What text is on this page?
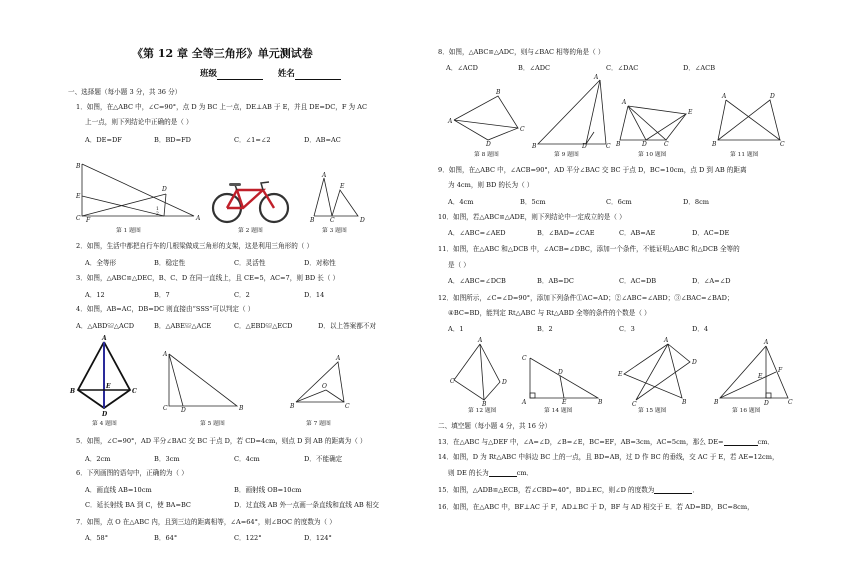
《第 12 章 全等三角形》单元测试卷
班级	姓名
一、选择题（每小题 3 分，共 36 分）
1．如图，在△ABC 中，∠C=90°，点 D 为 BC 上一点，DE⊥AB 于 E，并且 DE=DC，F 为 AC
上一点，则下列结论中正确的是（ ）
A．DE=DF	B．BD=FD	C．∠1=∠2	D．AB=AC
B
E
C F
D
A
1
2
A
E
B	C	D
第 1 题图	第 2 题图	第 3 题图
2．如图，生活中都把自行车的几根梁做成三角形的支架，这是利用三角形的（ ）
A．全等形	B．稳定性	C．灵活性	D．对称性
3．如图，△ABC≌△DEC，B、C、D 在同一直线上，且 CE=5，AC=7，则 BD 长（ ）
A．12	B．7	C．2	D．14
4．如图，AB=AC，DB=DC 则直接由“SSS”可以判定（ ）
A．△ABD≌△ACD	B．△ABE≌△ACE	C．△EBD≌△ECD	D．以上答案都不对
A
B	C
E
D
A
C D	B
A
O
B	C
第 4 题图	第 5 题图	第 7 题图
5．如图，∠C=90°，AD 平分∠BAC 交 BC 于点 D，若 CD=4cm，则点 D 到 AB 的距离为（ ）
A．2cm	B．3cm	C．4cm	D．不能确定
6．下列画图的语句中，正确的为（ ）
A．画直线 AB=10cm	B．画射线 OB=10cm
C．延长射线 BA 到 C，使 BA=BC	D．过直线 AB 外一点画一条直线和直线 AB 相交
7．如图，点 O 在△ABC 内，且到三边的距离相等，∠A=64°，则∠BOC 的度数为（ ）
A．58°	B．64°	C．122°	D．124°
8．如图，△ABC≌△ADC，则与∠BAC 相等的角是（ ）
A．∠ACD	B．∠ADC	C．∠DAC	D．∠ACB
A
B
C
D
A
B	D	C
A
E
B	D	C
A	D
B	C
第 8 题图	第 9 题图	第 10 题图	第 11 题图
9．如图，在△ABC 中，∠ACB=90°，AD 平分∠BAC 交 BC 于点 D，BC=10cm，点 D 到 AB 的距离
为 4cm，则 BD 的长为（ ）
A．4cm	B．5cm	C．6cm	D．8cm
10．如图，若△ABC≌△ADE，则下列结论中一定成立的是（ ）
A．∠ABC=∠AED	B．∠BAD=∠CAE	C．AB=AE	D．AC=DE
11．如图，在△ABC 和△DCB 中，∠ACB=∠DBC，添加一个条件，不能证明△ABC 和△DCB 全等的
是（ ）
A．∠ABC=∠DCB	B．AB=DC	C．AC=DB	D．∠A=∠D
12．如图所示，∠C=∠D=90°，添加下列条件①AC=AD；②∠ABC=∠ABD；③∠BAC=∠BAD；
④BC=BD，能判定 Rt△ABC 与 Rt△ABD 全等的条件的个数是（ ）
A．1	B．2	C．3	D．4
A
C	D
B
C
D
E
A	B
A
E
D
C	B
A
F
E
B	D	C
第 12 题图	第 14 题图	第 15 题图	第 16 题图
二、填空题（每小题 4 分，共 16 分）
13．在△ABC 与△DEF 中，∠A=∠D，∠B=∠E，BC=EF，AB=3cm，AC=5cm，那么 DE=	cm．
14．如图，D 为 Rt△ABC 中斜边 BC 上的一点，且 BD=AB，过 D 作 BC 的垂线，交 AC 于 E，若 AE=12cm，
则 DE 的长为	cm．
15．如图，△ADB≌△ECB，若∠CBD=40°，BD⊥EC，则∠D 的度数为	．
16．如图，在△ABC 中，BF⊥AC 于 F，AD⊥BC 于 D，BF 与 AD 相交于 E．若 AD=BD，BC=8cm，
